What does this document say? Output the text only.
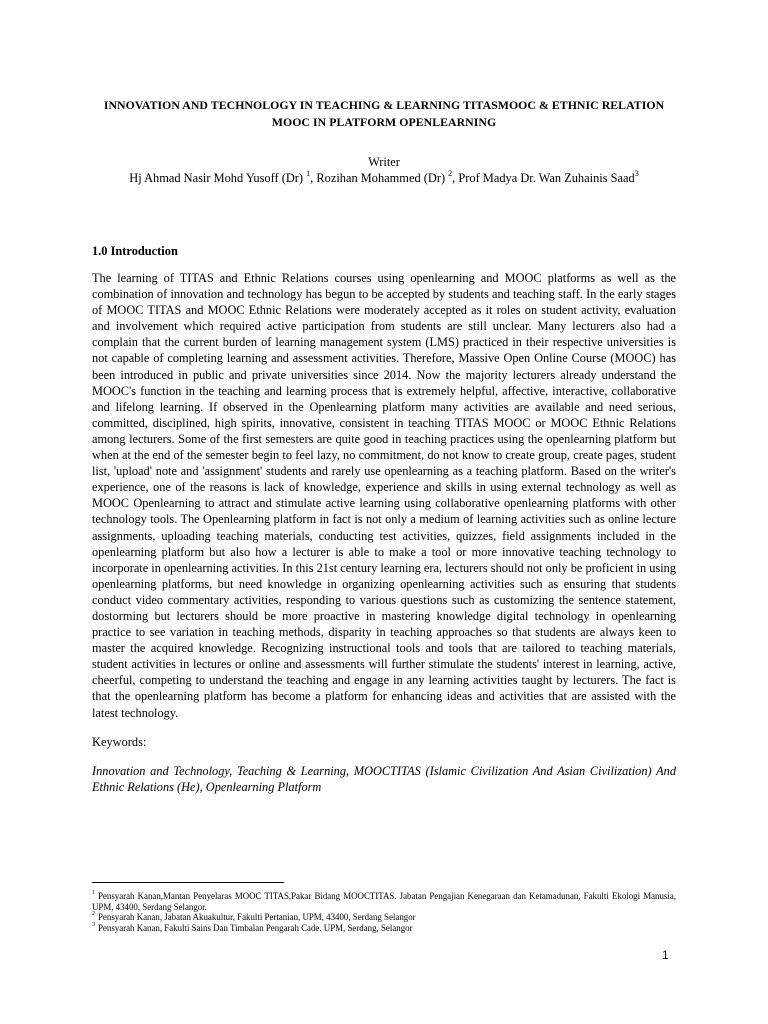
INNOVATION AND TECHNOLOGY IN TEACHING & LEARNING TITASMOOC & ETHNIC RELATION MOOC IN PLATFORM OPENLEARNING
Writer
Hj Ahmad Nasir Mohd Yusoff (Dr) $^1$, Rozihan Mohammed (Dr) $^2$, Prof Madya Dr. Wan Zuhainis Saad$^3$
1.0 Introduction

The learning of TITAS and Ethnic Relations courses using openlearning and MOOC platforms as well as the combination of innovation and technology has begun to be accepted by students and teaching staff. In the early stages of MOOC TITAS and MOOC Ethnic Relations were moderately accepted as it roles on student activity, evaluation and involvement which required active participation from students are still unclear. Many lecturers also had a complain that the current burden of learning management system (LMS) practiced in their respective universities is not capable of completing learning and assessment activities. Therefore, Massive Open Online Course (MOOC) has been introduced in public and private universities since 2014. Now the majority lecturers already understand the MOOC's function in the teaching and learning process that is extremely helpful, affective, interactive, collaborative and lifelong learning. If observed in the Openlearning platform many activities are available and need serious, committed, disciplined, high spirits, innovative, consistent in teaching TITAS MOOC or MOOC Ethnic Relations among lecturers. Some of the first semesters are quite good in teaching practices using the openlearning platform but when at the end of the semester begin to feel lazy, no commitment, do not know to create group, create pages, student list, 'upload' note and 'assignment' students and rarely use openlearning as a teaching platform. Based on the writer's experience, one of the reasons is lack of knowledge, experience and skills in using external technology as well as MOOC Openlearning to attract and stimulate active learning using collaborative openlearning platforms with other technology tools. The Openlearning platform in fact is not only a medium of learning activities such as online lecture assignments, uploading teaching materials, conducting test activities, quizzes, field assignments included in the openlearning platform but also how a lecturer is able to make a tool or more innovative teaching technology to incorporate in openlearning activities. In this 21st century learning era, lecturers should not only be proficient in using openlearning platforms, but need knowledge in organizing openlearning activities such as ensuring that students conduct video commentary activities, responding to various questions such as customizing the sentence statement, dostorming but lecturers should be more proactive in mastering knowledge digital technology in openlearning practice to see variation in teaching methods, disparity in teaching approaches so that students are always keen to master the acquired knowledge. Recognizing instructional tools and tools that are tailored to teaching materials, student activities in lectures or online and assessments will further stimulate the students' interest in learning, active, cheerful, competing to understand the teaching and engage in any learning activities taught by lecturers. The fact is that the openlearning platform has become a platform for enhancing ideas and activities that are assisted with the latest technology.

Keywords:

Innovation and Technology, Teaching & Learning, MOOCTITAS (Islamic Civilization And Asian Civilization) And Ethnic Relations (He), Openlearning Platform

$^1$ Pensyarah Kanan,Mantan Penyelaras MOOC TITAS,Pakar Bidang MOOCTITAS. Jabatan Pengajian Kenegaraan dan Ketamadunan, Fakulti Ekologi Manusia, UPM, 43400, Serdang Selangor.

$^2$ Pensyarah Kanan, Jabatan Akuakultur, Fakulti Pertanian, UPM, 43400, Serdang Selangor

$^3$ Pensyarah Kanan, Fakulti Sains Dan Timbalan Pengarah Cade. UPM, Serdang, Selangor

1
